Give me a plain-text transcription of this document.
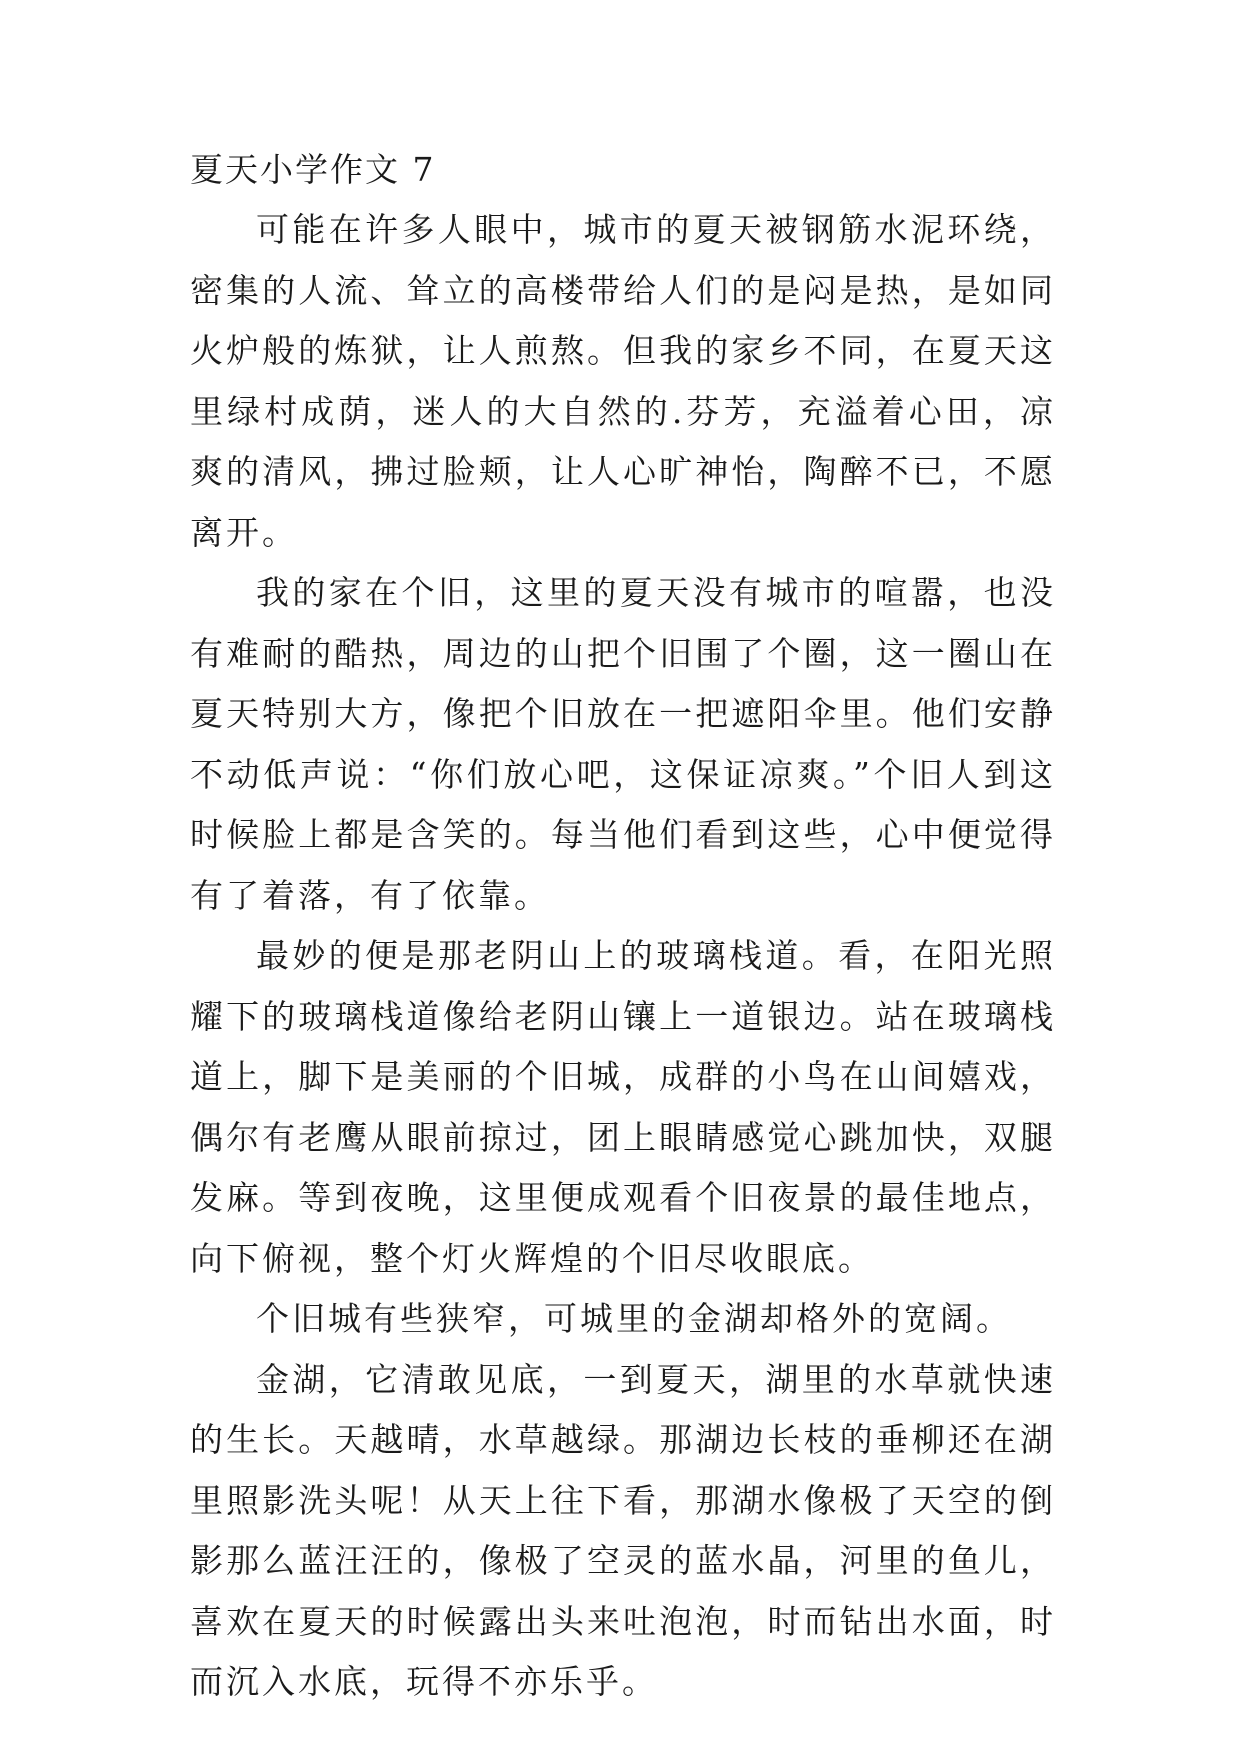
夏天小学作文 7

可能在许多人眼中，城市的夏天被钢筋水泥环绕，密集的人流、耸立的高楼带给人们的是闷是热，是如同火炉般的炼狱，让人煎熬。但我的家乡不同，在夏天这里绿村成荫，迷人的大自然的.芬芳，充溢着心田，凉爽的清风，拂过脸颊，让人心旷神怡，陶醉不已，不愿离开。

我的家在个旧，这里的夏天没有城市的喧嚣，也没有难耐的酷热，周边的山把个旧围了个圈，这一圈山在夏天特别大方，像把个旧放在一把遮阳伞里。他们安静不动低声说：“你们放心吧，这保证凉爽。”个旧人到这时候脸上都是含笑的。每当他们看到这些，心中便觉得有了着落，有了依靠。

最妙的便是那老阴山上的玻璃栈道。看，在阳光照耀下的玻璃栈道像给老阴山镶上一道银边。站在玻璃栈道上，脚下是美丽的个旧城，成群的小鸟在山间嬉戏，偶尔有老鹰从眼前掠过，团上眼睛感觉心跳加快，双腿发麻。等到夜晚，这里便成观看个旧夜景的最佳地点，向下俯视，整个灯火辉煌的个旧尽收眼底。

个旧城有些狭窄，可城里的金湖却格外的宽阔。

金湖，它清敢见底，一到夏天，湖里的水草就快速的生长。天越晴，水草越绿。那湖边长枝的垂柳还在湖里照影洗头呢！从天上往下看，那湖水像极了天空的倒影那么蓝汪汪的，像极了空灵的蓝水晶，河里的鱼儿，喜欢在夏天的时候露出头来吐泡泡，时而钻出水面，时而沉入水底，玩得不亦乐乎。
